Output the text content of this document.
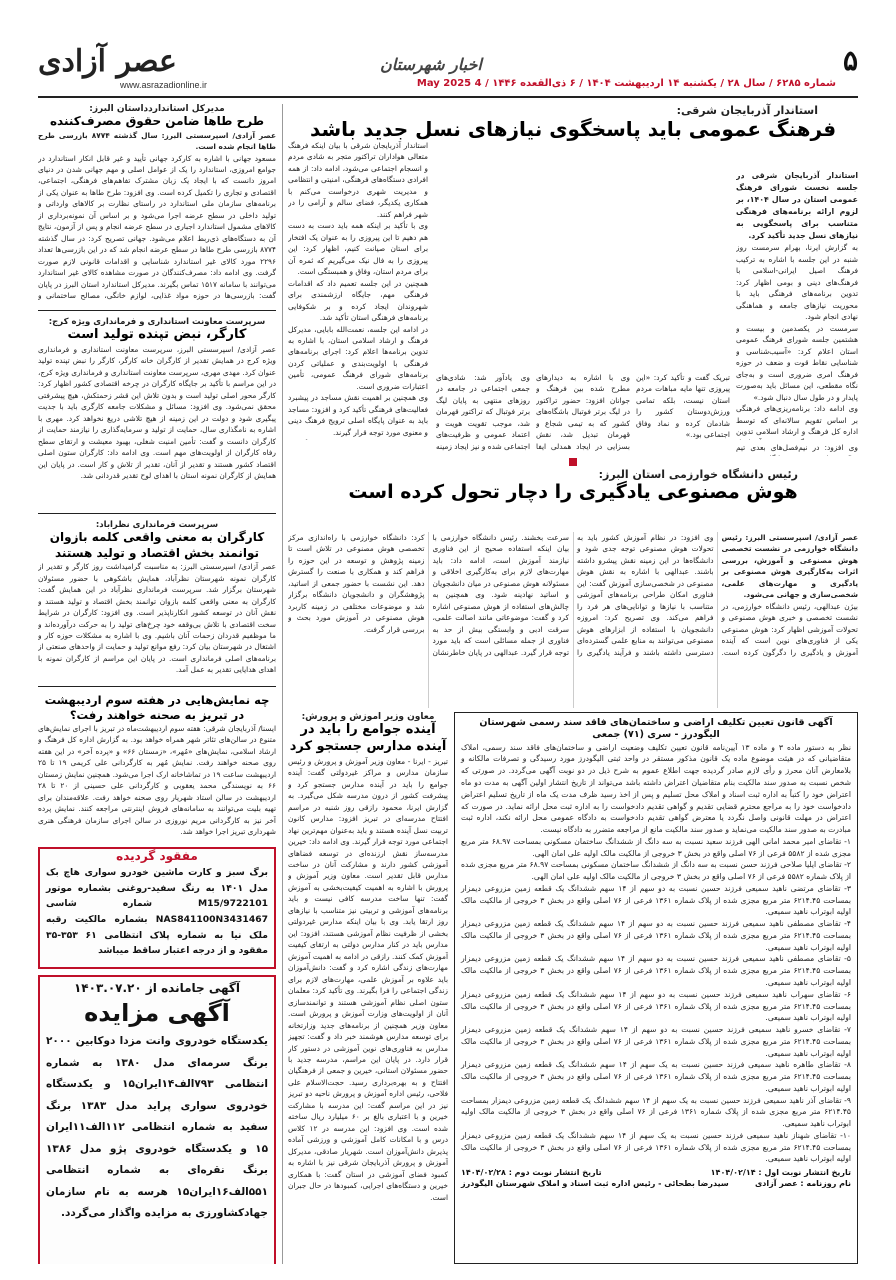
عصر آزادی
www.asrazadionline.ir
اخبار شهرستان	۵
شماره ۶۲۸۵ / سال ۲۸ / یکشنبه ۱۴ اردیبهشت ۱۴۰۴ / ۶ ذی‌القعده ۱۴۴۶ / 4 May 2025
مدیرکل استانداردداستان البرز:
طرح طاها ضامن حقوق مصرف‌کننده
عصر آزادی/ اسپرسستی البرز: سال گذشته ۸۷۷۴ بازرسی طرح طاها انجام شده است.
مسعود جهانی با اشاره به کارکرد جهانی تأیید و غیر قابل انکار استاندارد در جوامع امروزی، استاندارد را یک از عوامل اصلی و مهم جهانی شدن در دنیای امروز دانست که با ایجاد یک زبان مشترک تفاهم‌های فرهنگی، اجتماعی، اقتصادی و تجاری را تکمیل کرده است. وی افزود: طرح طاها به عنوان یکی از برنامه‌های سازمان ملی استاندارد در راستای نظارت بر کالاهای وارداتی و تولید داخلی در سطح عرضه اجرا می‌شود و بر اساس آن نمونه‌برداری از کالاهای مشمول استاندارد اجباری در سطح عرضه انجام و پس از آزمون، نتایج آن به دستگاه‌های ذی‌ربط اعلام می‌شود. جهانی تصریح کرد: در سال گذشته ۸۷۷۴ بازرسی طرح طاها در سطح عرضه انجام شد که در این بازرسی‌ها تعداد ۲۲۹۶ مورد کالای غیر استاندارد شناسایی و اقدامات قانونی لازم صورت گرفت. وی ادامه داد: مصرف‌کنندگان در صورت مشاهده کالای غیر استاندارد می‌توانند با سامانه ۱۵۱۷ تماس بگیرند. مدیرکل استاندارد استان البرز در پایان گفت: بازرسی‌ها در حوزه مواد غذایی، لوازم خانگی، مصالح ساختمانی و
سرپرست معاونت استانداری و فرمانداری ویژه کرج:
کارگر، نبض تپنده تولید است
عصر آزادی/ اسپرسستی البرز، سرپرست معاونت استانداری و فرمانداری ویژه کرج در همایش تقدیر از کارگران خانه کارگر، کارگر را نبض تپنده تولید عنوان کرد. مهدی مهری، سرپرست معاونت استانداری و فرمانداری ویژه کرج، در این مراسم با تأکید بر جایگاه کارگران در چرخه اقتصادی کشور اظهار کرد: کارگر محور اصلی تولید است و بدون تلاش این قشر زحمتکش، هیچ پیشرفتی محقق نمی‌شود. وی افزود: مسائل و مشکلات جامعه کارگری باید با جدیت پیگیری شود و دولت در این زمینه از هیچ تلاشی دریغ نخواهد کرد. مهری با اشاره به نامگذاری سال، حمایت از تولید و سرمایه‌گذاری را نیازمند حمایت از کارگران دانست و گفت: تأمین امنیت شغلی، بهبود معیشت و ارتقای سطح رفاه کارگران از اولویت‌های مهم است. وی ادامه داد: کارگران ستون اصلی اقتصاد کشور هستند و تقدیر از آنان، تقدیر از تلاش و کار است. در پایان این همایش از کارگران نمونه استان با اهدای لوح تقدیر قدردانی شد.
سرپرست فرمانداری نظرآباد:
کارگران به معنی واقعی کلمه بازوان توانمند بخش اقتصاد و تولید هستند
عصر آزادی/ اسپرسستی البرز: به مناسبت گرامیداشت روز کارگر و تقدیر از کارگران نمونه شهرستان نظرآباد، همایش باشکوهی با حضور مسئولان شهرستان برگزار شد. سرپرست فرمانداری نظرآباد در این همایش گفت: کارگران به معنی واقعی کلمه بازوان توانمند بخش اقتصاد و تولید هستند و نقش آنان در توسعه کشور انکارناپذیر است. وی افزود: کارگران در شرایط سخت اقتصادی با تلاش بی‌وقفه خود چرخ‌های تولید را به حرکت درآورده‌اند و ما موظفیم قدردان زحمات آنان باشیم. وی با اشاره به مشکلات حوزه کار و اشتغال در شهرستان بیان کرد: رفع موانع تولید و حمایت از واحدهای صنعتی از برنامه‌های اصلی فرمانداری است. در پایان این مراسم از کارگران نمونه با اهدای هدایایی تقدیر به عمل آمد.
چه نمایش‌هایی در هفته سوم اردیبهشت در تبریز به صحنه خواهند رفت؟
ایسنا/ آذربایجان شرقی: هفته سوم اردیبهشت‌ماه در تبریز با اجرای نمایش‌های متنوع در سالن‌های تئاتر شهر همراه خواهد بود. به گزارش اداره کل فرهنگ و ارشاد اسلامی، نمایش‌های «مُهر»، «زمستان ۶۶» و «پرده آخر» در این هفته روی صحنه خواهند رفت. نمایش مُهر به کارگردانی علی کریمی ۱۹ تا ۲۵ اردیبهشت ساعت ۱۹ در تماشاخانه ارک اجرا می‌شود. همچنین نمایش زمستان ۶۶ به نویسندگی محمد یعقوبی و کارگردانی علی حسینی از ۲۰ تا ۲۸ اردیبهشت در سالن استاد شهریار روی صحنه خواهد رفت. علاقه‌مندان برای تهیه بلیت می‌توانند به سامانه‌های فروش اینترنتی مراجعه کنند. نمایش پرده آخر نیز به کارگردانی مریم نوروزی در سالن اجرای سازمان فرهنگی هنری شهرداری تبریز اجرا خواهد شد.
مفقود گردیده
برگ سبز و کارت ماشین خودرو سواری هاچ بک مدل ۱۴۰۱ به رنگ سفید-روغنی بشماره موتور M15/9722101 شماره شاسی NAS841100N3431467 بشماره مالکیت رقبه ملک نیا به شماره پلاک انتظامی ۶۱ ۳۵۳-۳۵ مفقود و از درجه اعتبار ساقط میباشد
آگهی جامانده از ۱۴۰۳.۰۷.۲۰
آگهی مزایده
یکدستگاه خودروی وانت مزدا دوکابین ۲۰۰۰ برنگ سرمه‌ای مدل ۱۳۸۰ به شماره انتظامی ۷۹۳الف۱۴ایران۱۵ و یکدستگاه خودروی سواری پراید مدل ۱۳۸۳ برنگ سفید به شماره انتظامی ۱۱۲الف۱۱ایران ۱۵ و یکدستگاه خودروی پژو مدل ۱۳۸۶ برنگ نقره‌ای به شماره انتظامی ۵۵۱الف۱۶ایران۱۵ هرسه به نام سازمان جهادکشاورزی به مزایده واگذار می‌گردد.
استاندار آذربایجان شرقی:
فرهنگ عمومی باید پاسخگوی نیازهای نسل جدید باشد
استاندار آذربایجان شرقی در جلسه نخست شورای فرهنگ عمومی استان در سال ۱۴۰۴، بر لزوم ارائه برنامه‌های فرهنگی متناسب برای پاسخگویی به نیازهای نسل جدید تأکید کرد.
به گزارش ایرنا، بهرام سرمست روز شنبه در این جلسه با اشاره به ترکیب فرهنگ اصیل ایرانی-اسلامی با فرهنگ‌های دینی و بومی اظهار کرد: تدوین برنامه‌های فرهنگی باید با محوریت نیازهای جامعه و هماهنگی نهادی انجام شود.
سرمست در یکصدمین و بیست و هشتمین جلسه شورای فرهنگ عمومی استان اعلام کرد: «آسیب‌شناسی و شناسایی نقاط قوت و ضعف در حوزه فرهنگ امری ضروری است و به‌جای نگاه مقطعی، این مسائل باید به‌صورت پایدار و در طول سال دنبال شود.»
وی ادامه داد: برنامه‌ریزی‌های فرهنگی بر اساس تقویم سالانه‌ای که توسط اداره کل فرهنگ و ارشاد اسلامی تدوین
استاندار آذربایجان شرقی با بیان اینکه فرهنگ متعالی هواداران تراکتور متجر به شادی مردم و انسجام اجتماعی می‌شود، ادامه داد: از همه افرادی دستگاه‌های فرهنگی، امنیتی و انتظامی و مدیریت شهری درخواست می‌کنم با همکاری یکدیگر، فضای سالم و آرامی را در شهر فراهم کنند.
وی با تأکید بر اینکه همه باید دست به دست هم دهیم تا این پیروزی را به عنوان یک افتخار برای استان صیانت کنیم، اظهار کرد: این پیروزی را به فال نیک می‌گیریم که ثمره آن برای مردم استان، وفاق و همبستگی است.
همچنین در این جلسه تعمیم داد که اقدامات فرهنگی مهم، جایگاه ارزشمندی برای شهروندان ایجاد کرده و بر شکوفایی برنامه‌های فرهنگی استان تأکید شد.
در ادامه این جلسه، نعمت‌الله بابایی، مدیرکل فرهنگ و ارشاد اسلامی استان، با اشاره به تدوین برنامه‌ها اعلام کرد: اجرای برنامه‌های فرهنگی با اولویت‌بندی و عملیاتی کردن برنامه‌های شورای فرهنگ عمومی، تأمین اعتبارات ضروری است.
وی همچنین بر اهمیت نقش مساجد در پیشبرد فعالیت‌های فرهنگی تأکید کرد و افزود: مساجد باید به عنوان پایگاه اصلی ترویج فرهنگ دینی و معنوی مورد توجه قرار گیرند.
تبریک گفت و تأکید کرد: «این پیروزی تنها مایه مباهات مردم استان نیست، بلکه تمامی ورزش‌دوستان کشور را شادمان کرده و نماد وفاق اجتماعی بود.»
وی با اشاره به دیدارهای مطرح شده بین فرهنگ و جوانان افزود: حضور تراکتور در لیگ برتر فوتبال باشگاه‌های کشور که به تیمی شجاع و قهرمان تبدیل شد، نقش بسزایی در ایجاد همدلی ایفا
وی یادآور شد: شادی‌های جمعی اجتماعی در جامعه در روزهای منتهی به پایان لیگ برتر فوتبال که تراکتور قهرمان شد، موجب تقویت هویت و اعتماد عمومی و ظرفیت‌های اجتماعی شده و نیز ایجاد زمینه	وی افزود: در نیم‌فصل‌های بعدی تیم
رئیس دانشگاه خوارزمی استان البرز:
هوش مصنوعی یادگیری را دچار تحول کرده است
عصر آزادی/ اسپرسستی البرز: رئیس دانشگاه خوارزمی در نشست تخصصی هوش مصنوعی و آموزش، بررسی اثرات به‌کارگیری هوش مصنوعی بر یادگیری و مهارت‌های علمی، شخصی‌سازی و جهانی می‌شود.
بیژن عبدالهی، رئیس دانشگاه خوارزمی، در نشست تخصصی و خبری هوش مصنوعی و تحولات آموزشی اظهار کرد: هوش مصنوعی یکی از فناوری‌های نوین است که آینده آموزش و یادگیری را دگرگون کرده است. وی افزود: در نظام آموزش کشور باید به تحولات هوش مصنوعی توجه جدی شود و دانشگاه‌ها در این زمینه نقش پیشرو داشته باشند. عبدالهی با اشاره به نقش هوش مصنوعی در شخصی‌سازی آموزش گفت: این فناوری امکان طراحی برنامه‌های آموزشی متناسب با نیازها و توانایی‌های هر فرد را فراهم می‌کند. وی تصریح کرد: امروزه دانشجویان با استفاده از ابزارهای هوش مصنوعی می‌توانند به منابع علمی گسترده‌ای دسترسی داشته باشند و فرآیند یادگیری را سرعت بخشند. رئیس دانشگاه خوارزمی با بیان اینکه استفاده صحیح از این فناوری نیازمند آموزش است، ادامه داد: باید مهارت‌های لازم برای به‌کارگیری اخلاقی و مسئولانه هوش مصنوعی در میان دانشجویان و اساتید نهادینه شود. وی همچنین به چالش‌های استفاده از هوش مصنوعی اشاره کرد و گفت: موضوعاتی مانند اصالت علمی، سرقت ادبی و وابستگی بیش از حد به فناوری از جمله مسائلی است که باید مورد توجه قرار گیرد. عبدالهی در پایان خاطرنشان کرد: دانشگاه خوارزمی با راه‌اندازی مرکز تخصصی هوش مصنوعی در تلاش است تا زمینه پژوهش و توسعه در این حوزه را فراهم کند و همکاری با صنعت را گسترش دهد. این نشست با حضور جمعی از اساتید، پژوهشگران و دانشجویان دانشگاه برگزار شد و موضوعات مختلفی در زمینه کاربرد هوش مصنوعی در آموزش مورد بحث و بررسی قرار گرفت.
معاون وزیر آموزش و پرورش:
آینده جوامع را باید در آینده مدارس جستجو کرد
تبریز - ایرنا - معاون وزیر آموزش و پرورش و رئیس سازمان مدارس و مراکز غیردولتی گفت: آینده جوامع را باید در آینده مدارس جستجو کرد و پیشرفت کشور از درون مدرسه شکل می‌گیرد. به گزارش ایرنا، محمود رازقی روز شنبه در مراسم افتتاح مدرسه‌ای در تبریز افزود: مدارس کانون تربیت نسل آینده هستند و باید به‌عنوان مهم‌ترین نهاد اجتماعی مورد توجه قرار گیرند. وی ادامه داد: خیرین مدرسه‌ساز نقش ارزنده‌ای در توسعه فضاهای آموزشی کشور دارند و مشارکت آنان در ساخت مدارس قابل تقدیر است. معاون وزیر آموزش و پرورش با اشاره به اهمیت کیفیت‌بخشی به آموزش گفت: تنها ساخت مدرسه کافی نیست و باید برنامه‌های آموزشی و تربیتی نیز متناسب با نیازهای روز ارتقا یابد. وی با بیان اینکه مدارس غیردولتی بخشی از ظرفیت نظام آموزشی هستند، افزود: این مدارس باید در کنار مدارس دولتی به ارتقای کیفیت آموزش کمک کنند. رازقی در ادامه به اهمیت آموزش مهارت‌های زندگی اشاره کرد و گفت: دانش‌آموزان باید علاوه بر آموزش علمی، مهارت‌های لازم برای زندگی اجتماعی را فرا بگیرند. وی تأکید کرد: معلمان ستون اصلی نظام آموزشی هستند و توانمندسازی آنان از اولویت‌های وزارت آموزش و پرورش است. معاون وزیر همچنین از برنامه‌های جدید وزارتخانه برای توسعه مدارس هوشمند خبر داد و گفت: تجهیز مدارس به فناوری‌های نوین آموزشی در دستور کار قرار دارد. در پایان این مراسم، مدرسه جدید با حضور مسئولان استانی، خیرین و جمعی از فرهنگیان افتتاح و به بهره‌برداری رسید. حجت‌الاسلام علی فلاحی، رئیس اداره آموزش و پرورش ناحیه دو تبریز نیز در این مراسم گفت: این مدرسه با مشارکت خیرین و با اعتباری بالغ بر ۶۰ میلیارد ریال ساخته شده است. وی افزود: این مدرسه در ۱۲ کلاس درس و با امکانات کامل آموزشی و ورزشی آماده پذیرش دانش‌آموزان است. شهریار صادقی، مدیرکل آموزش و پرورش آذربایجان شرقی نیز با اشاره به کمبود فضای آموزشی در استان گفت: با همکاری خیرین و دستگاه‌های اجرایی، کمبودها در حال جبران است.
آگهی قانون تعیین تکلیف اراضی و ساختمان‌های فاقد سند رسمی شهرستان الیگودرز - سری (۷۱) جمعی
نظر به دستور ماده ۳ و ماده ۱۳ آیین‌نامه قانون تعیین تکلیف وضعیت اراضی و ساختمان‌های فاقد سند رسمی، املاک متقاضیانی که در هیئت موضوع ماده یک قانون مذکور مستقر در واحد ثبتی الیگودرز مورد رسیدگی و تصرفات مالکانه و بلامعارض آنان محرز و رأی لازم صادر گردیده جهت اطلاع عموم به شرح ذیل در دو نوبت آگهی می‌گردد. در صورتی که شخص نسبت به صدور سند مالکیت بنام متقاضیان اعتراض داشته باشد می‌تواند از تاریخ انتشار اولین آگهی به مدت دو ماه اعتراض خود را کتباً به اداره ثبت اسناد و املاک محل تسلیم و پس از اخذ رسید ظرف مدت یک ماه از تاریخ تسلیم اعتراض دادخواست خود را به مراجع محترم قضایی تقدیم و گواهی تقدیم دادخواست را به اداره ثبت محل ارائه نماید. در صورت که اعتراض در مهلت قانونی واصل نگردد یا معترض گواهی تقدیم دادخواست به دادگاه عمومی محل ارائه نکند، اداره ثبت مبادرت به صدور سند مالکیت می‌نماید و صدور سند مالکیت مانع از مراجعه متضرر به دادگاه نیست.
۱- تقاضای امیر محمد امانی الهی فرزند سعید نسبت به سه دانگ از ششدانگ ساختمان مسکونی بمساحت ۶۸.۹۷ متر مربع مجزی شده از ۵۵۸۲ فرعی از ۷۶ اصلی واقع در بخش ۳ خروجی از مالکیت مالک اولیه علی امان الهی.
۲- تقاضای ایلیا صلاحی فرزند حسن نسبت به سه دانگ از ششدانگ ساختمان مسکونی بمساحت ۶۸.۹۷ متر مربع مجزی شده از پلاک شماره ۵۵۸۲ فرعی از ۷۶ اصلی واقع در بخش ۳ خروجی از مالکیت مالک اولیه علی امان الهی.
۳- تقاضای مرتضی ناهید سمیعی فرزند حسین نسبت به دو سهم از ۱۴ سهم ششدانگ یک قطعه زمین مزروعی دیمزار بمساحت ۶۲۱۴.۴۵ متر مربع مجزی شده از پلاک شماره ۱۳۶۱ فرعی از ۷۶ اصلی واقع در بخش ۳ خروجی از مالکیت مالک اولیه ابوتراب ناهید سمیعی.
۴- تقاضای مصطفی ناهید سمیعی فرزند حسین نسبت به دو سهم از ۱۴ سهم ششدانگ یک قطعه زمین مزروعی دیمزار بمساحت ۶۲۱۴.۴۵ متر مربع مجزی شده از پلاک شماره ۱۳۶۱ فرعی از ۷۶ اصلی واقع در بخش ۳ خروجی از مالکیت مالک اولیه ابوتراب ناهید سمیعی.
۵- تقاضای مصطفی ناهید سمیعی فرزند حسین نسبت به دو سهم از ۱۴ سهم ششدانگ یک قطعه زمین مزروعی دیمزار بمساحت ۶۲۱۴.۴۵ متر مربع مجزی شده از پلاک شماره ۱۳۶۱ فرعی از ۷۶ اصلی واقع در بخش ۳ خروجی از مالکیت مالک اولیه ابوتراب ناهید سمیعی.
۶- تقاضای سهراب ناهید سمیعی فرزند حسین نسبت به دو سهم از ۱۴ سهم ششدانگ یک قطعه زمین مزروعی دیمزار بمساحت ۶۲۱۴.۴۵ متر مربع مجزی شده از پلاک شماره ۱۳۶۱ فرعی از ۷۶ اصلی واقع در بخش ۳ خروجی از مالکیت مالک اولیه ابوتراب ناهید سمیعی.
۷- تقاضای خسرو ناهید سمیعی فرزند حسین نسبت به دو سهم از ۱۴ سهم ششدانگ یک قطعه زمین مزروعی دیمزار بمساحت ۶۲۱۴.۴۵ متر مربع مجزی شده از پلاک شماره ۱۳۶۱ فرعی از ۷۶ اصلی واقع در بخش ۳ خروجی از مالکیت مالک اولیه ابوتراب ناهید سمیعی.
۸- تقاضای طاهره ناهید سمیعی فرزند حسین نسبت به یک سهم از ۱۴ سهم ششدانگ یک قطعه زمین مزروعی دیمزار بمساحت ۶۲۱۴.۴۵ متر مربع مجزی شده از پلاک شماره ۱۳۶۱ فرعی از ۷۶ اصلی واقع در بخش ۳ خروجی از مالکیت مالک اولیه ابوتراب ناهید سمیعی.
۹- تقاضای آذر ناهید سمیعی فرزند حسین نسبت به یک سهم از ۱۴ سهم ششدانگ یک قطعه زمین مزروعی دیمزار بمساحت ۶۲۱۴.۴۵ متر مربع مجزی شده از پلاک شماره ۱۳۶۱ فرعی از ۷۶ اصلی واقع در بخش ۳ خروجی از مالکیت مالک اولیه ابوتراب ناهید سمیعی.
۱۰- تقاضای شهناز ناهید سمیعی فرزند حسین نسبت به یک سهم از ۱۴ سهم ششدانگ یک قطعه زمین مزروعی دیمزار بمساحت ۶۲۱۴.۴۵ متر مربع مجزی شده از پلاک شماره ۱۳۶۱ فرعی از ۷۶ اصلی واقع در بخش ۳ خروجی از مالکیت مالک اولیه ابوتراب ناهید سمیعی.
تاریخ انتشار نوبت اول : ۱۴۰۴/۰۲/۱۴
تاریخ انتشار نوبت دوم : ۱۴۰۴/۰۲/۲۸
نام روزنامه : عصر آزادی
سیدرضا بطحائی - رئیس اداره ثبت اسناد و املاک شهرستان الیگودرز
